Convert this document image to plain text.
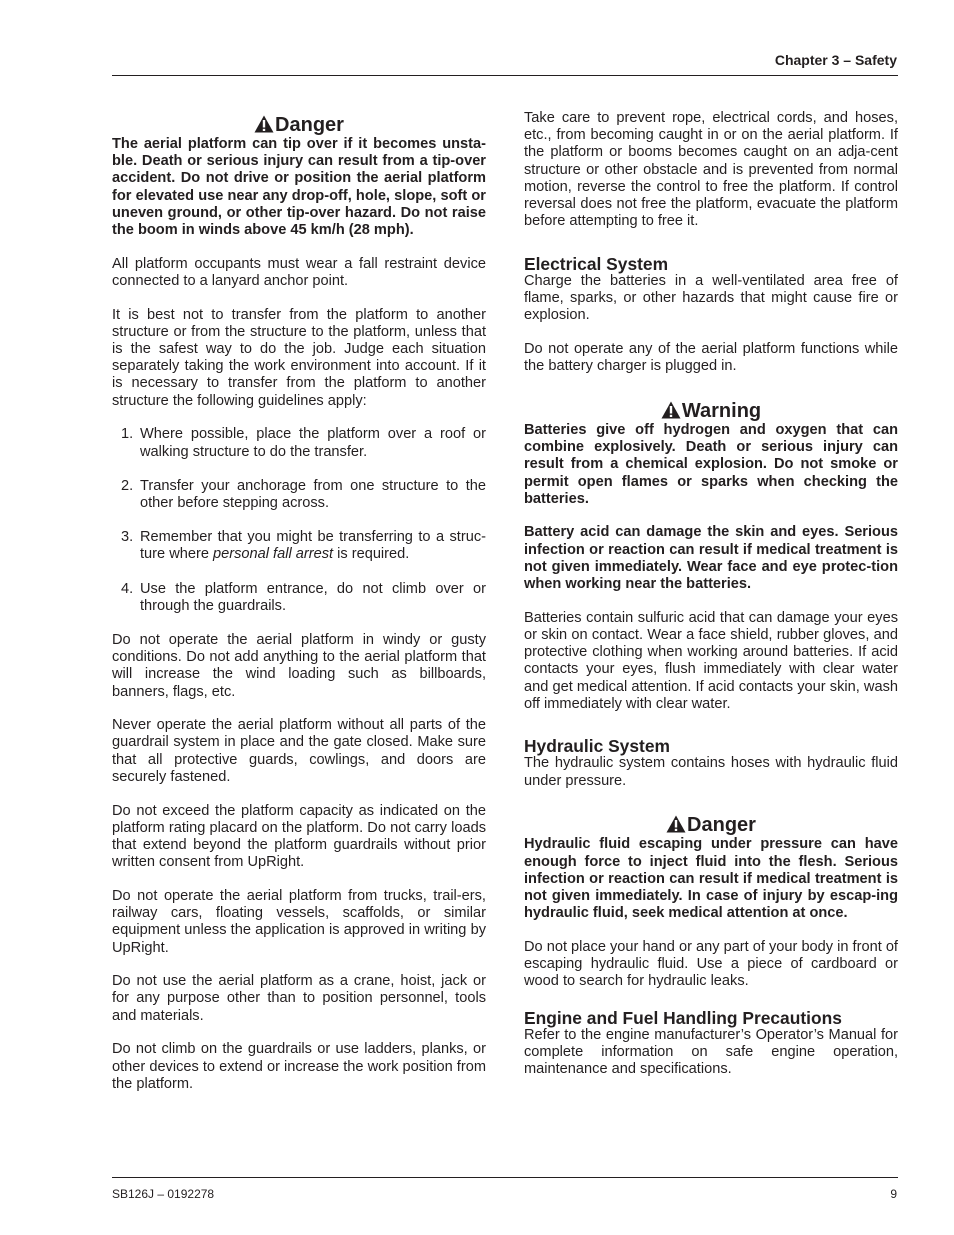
Chapter 3 – Safety
Danger

The aerial platform can tip over if it becomes unsta-ble. Death or serious injury can result from a tip-over accident. Do not drive or position the aerial platform for elevated use near any drop-off, hole, slope, soft or uneven ground, or other tip-over hazard. Do not raise the boom in winds above 45 km/h (28 mph).

All platform occupants must wear a fall restraint device connected to a lanyard anchor point.

It is best not to transfer from the platform to another structure or from the structure to the platform, unless that is the safest way to do the job. Judge each situation separately taking the work environment into account. If it is necessary to transfer from the platform to another structure the following guidelines apply:

1. Where possible, place the platform over a roof or walking structure to do the transfer.
2. Transfer your anchorage from one structure to the other before stepping across.
3. Remember that you might be transferring to a struc-ture where personal fall arrest is required.
4. Use the platform entrance, do not climb over or through the guardrails.

Do not operate the aerial platform in windy or gusty conditions. Do not add anything to the aerial platform that will increase the wind loading such as billboards, banners, flags, etc.

Never operate the aerial platform without all parts of the guardrail system in place and the gate closed. Make sure that all protective guards, cowlings, and doors are securely fastened.

Do not exceed the platform capacity as indicated on the platform rating placard on the platform. Do not carry loads that extend beyond the platform guardrails without prior written consent from UpRight.

Do not operate the aerial platform from trucks, trail-ers, railway cars, floating vessels, scaffolds, or similar equipment unless the application is approved in writing by UpRight.

Do not use the aerial platform as a crane, hoist, jack or for any purpose other than to position personnel, tools and materials.

Do not climb on the guardrails or use ladders, planks, or other devices to extend or increase the work position from the platform.

Take care to prevent rope, electrical cords, and hoses, etc., from becoming caught in or on the aerial platform. If the platform or booms becomes caught on an adja-cent structure or other obstacle and is prevented from normal motion, reverse the control to free the platform. If control reversal does not free the platform, evacuate the platform before attempting to free it.

Electrical System

Charge the batteries in a well-ventilated area free of flame, sparks, or other hazards that might cause fire or explosion.

Do not operate any of the aerial platform functions while the battery charger is plugged in.

Warning

Batteries give off hydrogen and oxygen that can combine explosively. Death or serious injury can result from a chemical explosion. Do not smoke or permit open flames or sparks when checking the batteries.

Battery acid can damage the skin and eyes. Serious infection or reaction can result if medical treatment is not given immediately. Wear face and eye protec-tion when working near the batteries.

Batteries contain sulfuric acid that can damage your eyes or skin on contact. Wear a face shield, rubber gloves, and protective clothing when working around batteries. If acid contacts your eyes, flush immediately with clear water and get medical attention. If acid contacts your skin, wash off immediately with clear water.

Hydraulic System

The hydraulic system contains hoses with hydraulic fluid under pressure.

Danger

Hydraulic fluid escaping under pressure can have enough force to inject fluid into the flesh. Serious infection or reaction can result if medical treatment is not given immediately. In case of injury by escap-ing hydraulic fluid, seek medical attention at once.

Do not place your hand or any part of your body in front of escaping hydraulic fluid. Use a piece of cardboard or wood to search for hydraulic leaks.

Engine and Fuel Handling Precautions

Refer to the engine manufacturer’s Operator’s Manual for complete information on safe engine operation, maintenance and specifications.

SB126J – 0192278	9
